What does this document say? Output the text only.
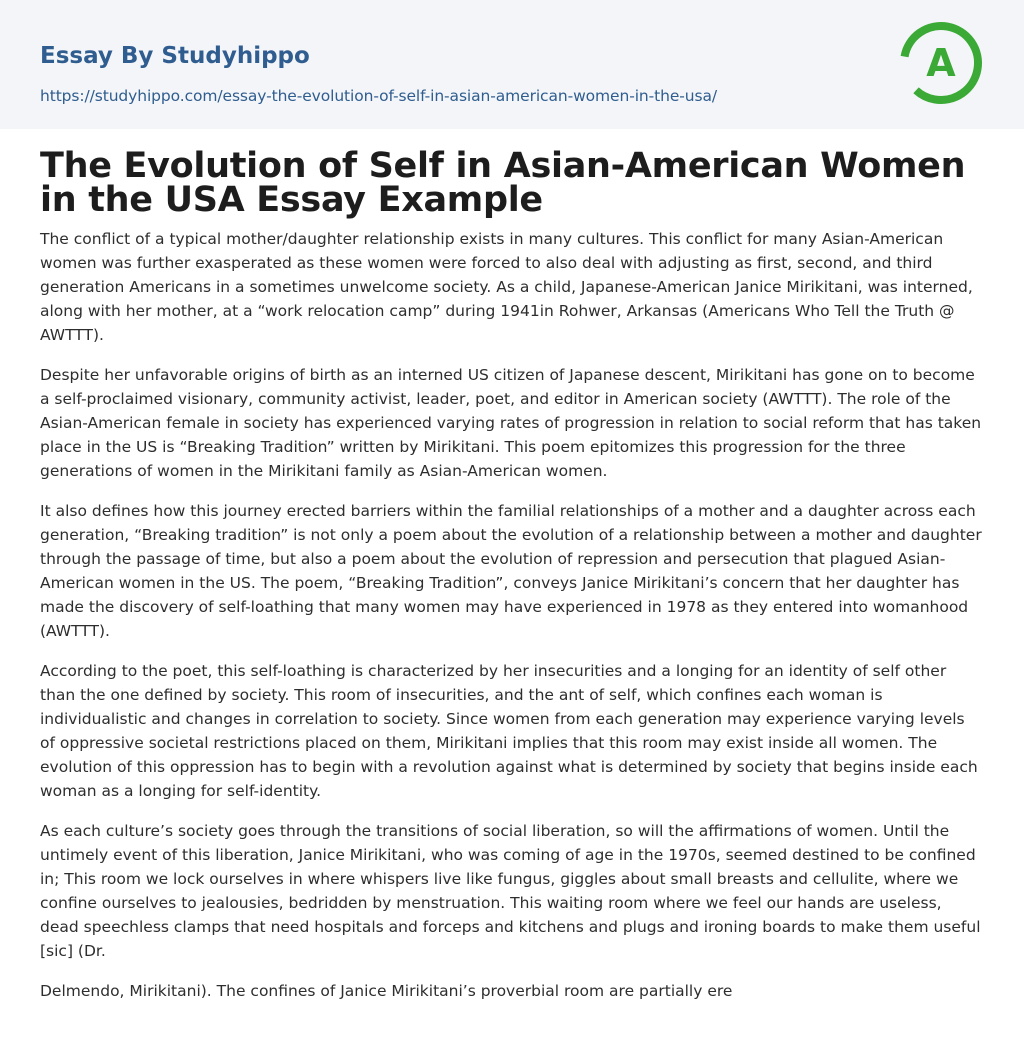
Essay By Studyhippo
https://studyhippo.com/essay-the-evolution-of-self-in-asian-american-women-in-the-usa/
A
The Evolution of Self in Asian-American Women in the USA Essay Example

The conflict of a typical mother/daughter relationship exists in many cultures. This conflict for many Asian-American women was further exasperated as these women were forced to also deal with adjusting as first, second, and third generation Americans in a sometimes unwelcome society. As a child, Japanese-American Janice Mirikitani, was interned, along with her mother, at a “work relocation camp” during 1941in Rohwer, Arkansas (Americans Who Tell the Truth @ AWTTT).

Despite her unfavorable origins of birth as an interned US citizen of Japanese descent, Mirikitani has gone on to become a self-proclaimed visionary, community activist, leader, poet, and editor in American society (AWTTT). The role of the Asian-American female in society has experienced varying rates of progression in relation to social reform that has taken place in the US is “Breaking Tradition” written by Mirikitani. This poem epitomizes this progression for the three generations of women in the Mirikitani family as Asian-American women.

It also defines how this journey erected barriers within the familial relationships of a mother and a daughter across each generation, “Breaking tradition” is not only a poem about the evolution of a relationship between a mother and daughter through the passage of time, but also a poem about the evolution of repression and persecution that plagued Asian-American women in the US. The poem, “Breaking Tradition”, conveys Janice Mirikitani’s concern that her daughter has made the discovery of self-loathing that many women may have experienced in 1978 as they entered into womanhood (AWTTT).

According to the poet, this self-loathing is characterized by her insecurities and a longing for an identity of self other than the one defined by society. This room of insecurities, and the ant of self, which confines each woman is individualistic and changes in correlation to society. Since women from each generation may experience varying levels of oppressive societal restrictions placed on them, Mirikitani implies that this room may exist inside all women. The evolution of this oppression has to begin with a revolution against what is determined by society that begins inside each woman as a longing for self-identity.

As each culture’s society goes through the transitions of social liberation, so will the affirmations of women. Until the untimely event of this liberation, Janice Mirikitani, who was coming of age in the 1970s, seemed destined to be confined in; This room we lock ourselves in where whispers live like fungus, giggles about small breasts and cellulite, where we confine ourselves to jealousies, bedridden by menstruation. This waiting room where we feel our hands are useless, dead speechless clamps that need hospitals and forceps and kitchens and plugs and ironing boards to make them useful [sic] (Dr.

Delmendo, Mirikitani). The confines of Janice Mirikitani’s proverbial room are partially ere
